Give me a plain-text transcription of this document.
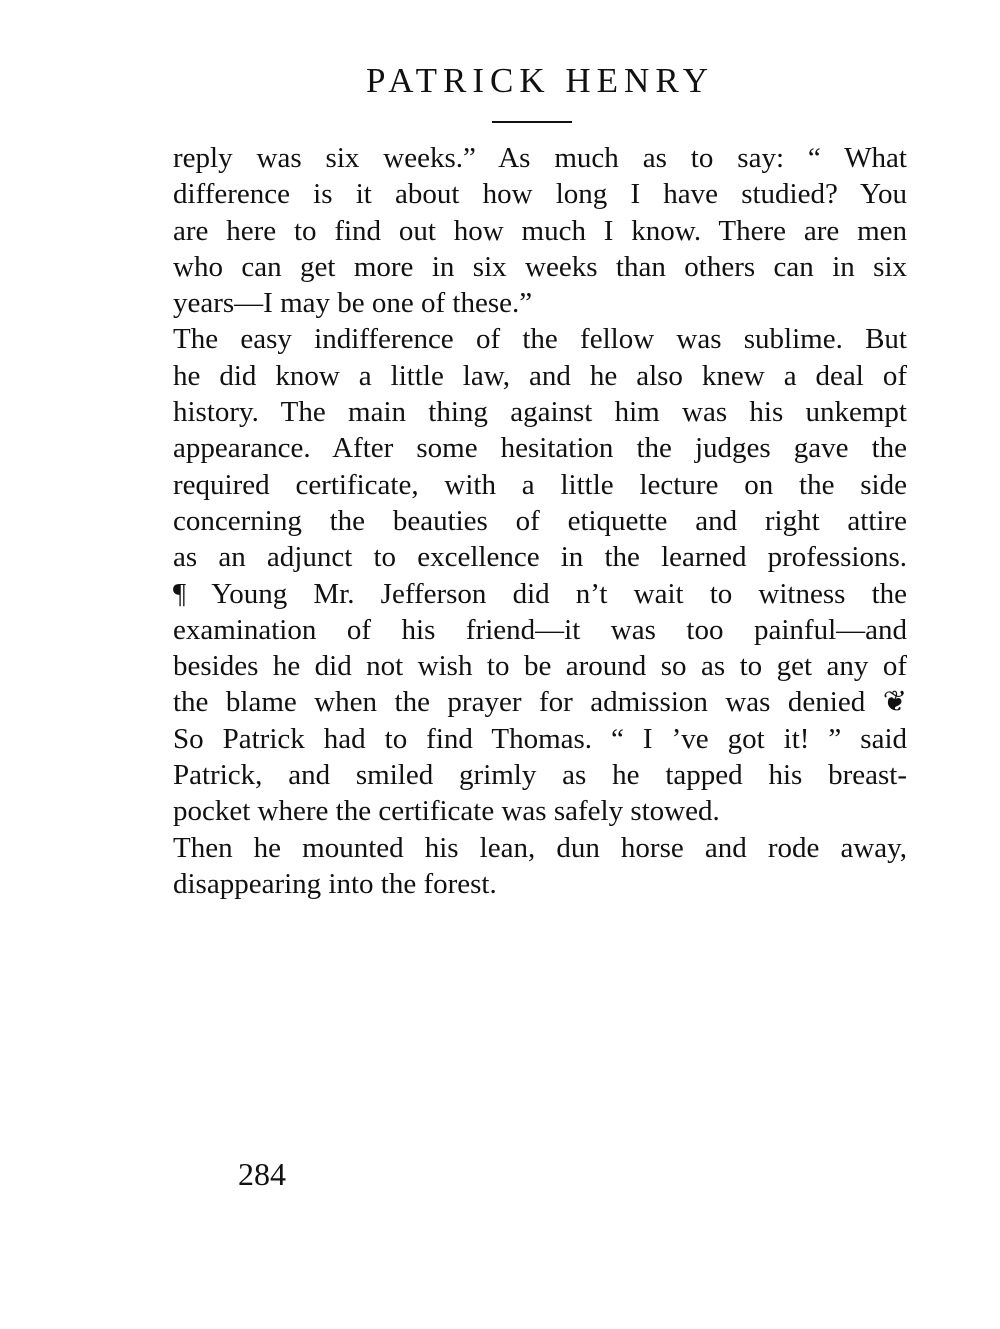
PATRICK HENRY
reply was six weeks.” As much as to say: “ What
difference is it about how long I have studied? You
are here to find out how much I know. There are men
who can get more in six weeks than others can in six
years—I may be one of these.”
The easy indifference of the fellow was sublime. But
he did know a little law, and he also knew a deal of
history. The main thing against him was his unkempt
appearance. After some hesitation the judges gave the
required certificate, with a little lecture on the side
concerning the beauties of etiquette and right attire
as an adjunct to excellence in the learned professions.
¶ Young Mr. Jefferson did n’t wait to witness the
examination of his friend—it was too painful—and
besides he did not wish to be around so as to get any of
the blame when the prayer for admission was denied ❦
So Patrick had to find Thomas. “ I ’ve got it! ” said
Patrick, and smiled grimly as he tapped his breast-
pocket where the certificate was safely stowed.
Then he mounted his lean, dun horse and rode away,
disappearing into the forest.
284
